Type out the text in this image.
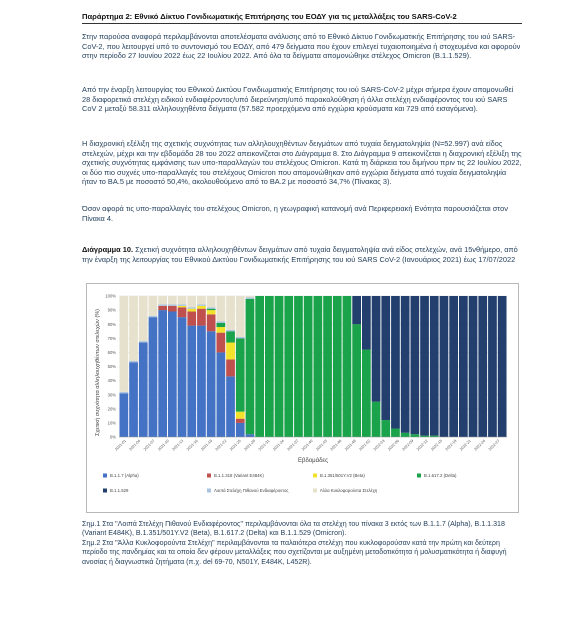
Παράρτημα 2: Εθνικό Δίκτυο Γονιδιωματικής Επιτήρησης του ΕΟΔΥ για τις μεταλλάξεις του SARS-CoV-2

Στην παρούσα αναφορά περιλαμβάνονται αποτελέσματα ανάλυσης από το Εθνικό Δίκτυο Γονιδιωματικής Επιτήρησης του ιού SARS-CoV-2, που λειτουργεί υπό το συντονισμό του ΕΟΔΥ, από 479 δείγματα που έχουν επιλεγεί τυχαιοποιημένα ή στοχευμένα και αφορούν στην περίοδο 27 Ιουνίου 2022 έως 22 Ιουλίου 2022. Από όλα τα δείγματα απομονώθηκε στέλεχος Omicron (B.1.1.529).

Από την έναρξη λειτουργίας του Εθνικού Δικτύου Γονιδιωματικής Επιτήρησης του ιού SARS-CoV-2 μέχρι σήμερα έχουν απομονωθεί 28 διαφορετικά στελέχη ειδικού ενδιαφέροντος/υπό διερεύνηση/υπό παρακολούθηση ή άλλα στελέχη ενδιαφέροντος του ιού SARS CoV 2 μεταξύ 58.311 αλληλουχηθέντα δείγματα (57.582 προερχόμενα από εγχώρια κρούσματα και 729 από εισαγόμενα).

Η διαχρονική εξέλιξη της σχετικής συχνότητας των αλληλουχηθέντων δειγμάτων από τυχαία δειγματοληψία (N=52.997) ανά είδος στελεχών, μέχρι και την εβδομάδα 28 του 2022 απεικονίζεται στο Διάγραμμα 8. Στο Διάγραμμα 9 απεικονίζεται η διαχρονική εξέλιξη της σχετικής συχνότητας εμφάνισης των υπο-παραλλαγών του στελέχους Omicron. Κατά τη διάρκεια του διμήνου πριν τις 22 Ιουλίου 2022, οι δύο πιο συχνές υπο-παραλλαγές του στελέχους Omicron που απομονώθηκαν από εγχώρια δείγματα από τυχαία δειγματοληψία ήταν το BA.5 με ποσοστό 50,4%, ακολουθούμενο από το BA.2 με ποσοστό 34,7% (Πίνακας 3).

Όσον αφορά τις υπο-παραλλαγές του στελέχους Omicron, η γεωγραφική κατανομή ανά Περιφερειακή Ενότητα παρουσιάζεται στον Πίνακα 4.

Διάγραμμα 10. Σχετική συχνότητα αλληλουχηθέντων δειγμάτων από τυχαία δειγματοληψία ανά είδος στελεχών, ανά 15νθήμερο, από την έναρξη της λειτουργίας του Εθνικού Δικτύου Γονιδιωματικής Επιτήρησης του ιού SARS CoV-2 (Ιανουάριος 2021) έως 17/07/2022

0%
10%
20%
30%
40%
50%
60%
70%
80%
90%
100%
Σχετική συχνότητα αλληλουχηθέντων στελεχών (%)
2021-01 2021-04 2021-07 2021-10 2021-13 2021-16 2021-19 2021-22 2021-25 2021-28 2021-31 2021-34 2021-37 2021-40 2021-43 2021-46 2021-49 2021-52 2022-03 2022-06 2022-09 2022-12 2022-15 2022-18 2022-21 2022-24 2022-27
Εβδομάδες
B.1.1.7 (Alpha)	B.1.1.318 (Variant E484K)	B.1.351/501Y.V2 (Beta)	B.1.617.2 (Delta)
B.1.1.529	Λοιπά Στελέχη Πιθανού Ενδιαφέροντος	Άλλα Κυκλοφορούντα Στελέχη

Σημ.1 Στα "Λοιπά Στελέχη Πιθανού Ενδιαφέροντος" περιλαμβάνονται όλα τα στελέχη του πίνακα 3 εκτός των B.1.1.7 (Alpha), B.1.1.318 (Variant E484K), B.1.351/501Y.V2 (Beta), B.1.617.2 (Delta) και B.1.1.529 (Omicron).
Σημ.2 Στα "Άλλα Κυκλοφορούντα Στελέχη" περιλαμβάνονται τα παλαιότερα στελέχη που κυκλοφορούσαν κατά την πρώτη και δεύτερη περίοδο της πανδημίας και τα οποία δεν φέρουν μεταλλάξεις που σχετίζονται με αυξημένη μεταδοτικότητα ή μολυσματικότητα ή διαφυγή ανοσίας ή διαγνωστικά ζητήματα (π.χ. del 69-70, N501Y, E484K, L452R).
